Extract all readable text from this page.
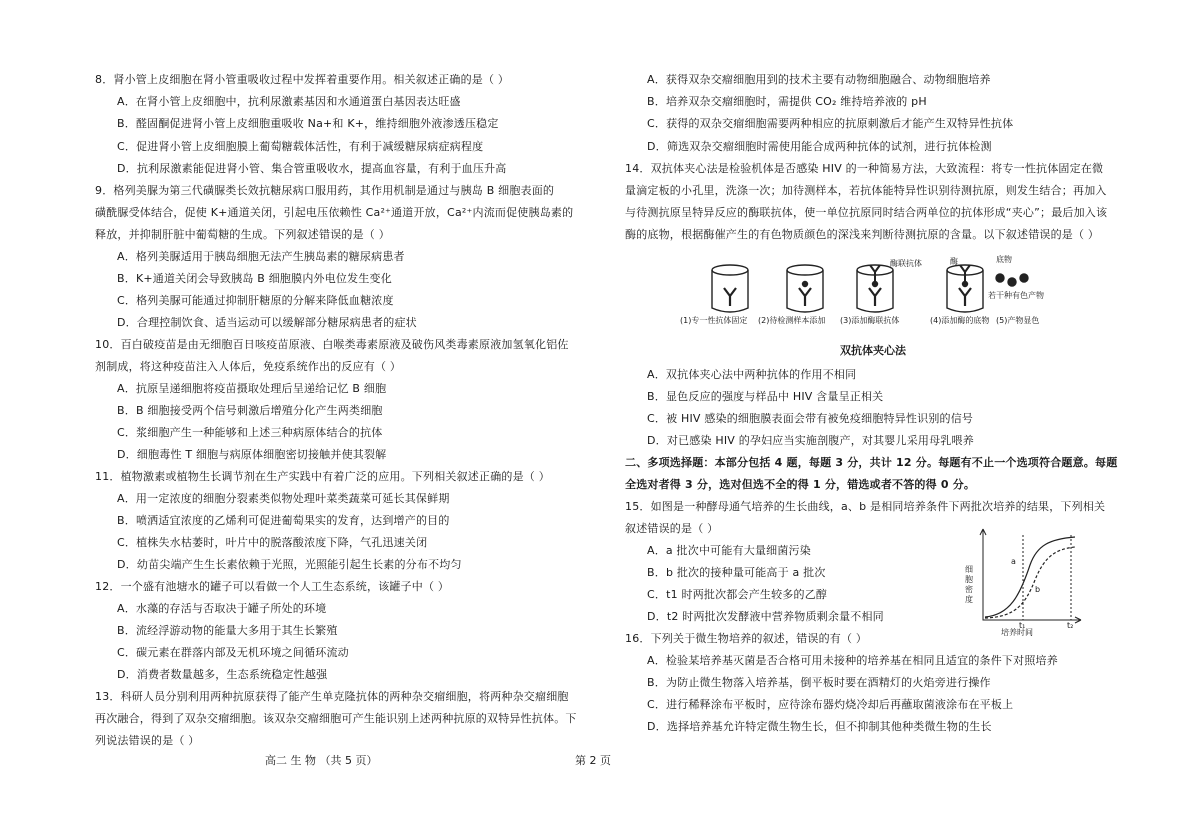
8．肾小管上皮细胞在肾小管重吸收过程中发挥着重要作用。相关叙述正确的是（ ）
A．在肾小管上皮细胞中，抗利尿激素基因和水通道蛋白基因表达旺盛
B．醛固酮促进肾小管上皮细胞重吸收 Na+和 K+，维持细胞外液渗透压稳定
C．促进肾小管上皮细胞膜上葡萄糖载体活性，有利于减缓糖尿病症病程度
D．抗利尿激素能促进肾小管、集合管重吸收水，提高血容量，有利于血压升高
9．格列美脲为第三代磺脲类长效抗糖尿病口服用药，其作用机制是通过与胰岛 B 细胞表面的
磺酰脲受体结合，促使 K+通道关闭，引起电压依赖性 Ca²⁺通道开放，Ca²⁺内流而促使胰岛素的
释放，并抑制肝脏中葡萄糖的生成。下列叙述错误的是（ ）
A．格列美脲适用于胰岛细胞无法产生胰岛素的糖尿病患者
B．K+通道关闭会导致胰岛 B 细胞膜内外电位发生变化
C．格列美脲可能通过抑制肝糖原的分解来降低血糖浓度
D．合理控制饮食、适当运动可以缓解部分糖尿病患者的症状
10．百白破疫苗是由无细胞百日咳疫苗原液、白喉类毒素原液及破伤风类毒素原液加氢氧化铝佐
剂制成，将这种疫苗注入人体后，免疫系统作出的反应有（ ）
A．抗原呈递细胞将疫苗摄取处理后呈递给记忆 B 细胞
B．B 细胞接受两个信号刺激后增殖分化产生两类细胞
C．浆细胞产生一种能够和上述三种病原体结合的抗体
D．细胞毒性 T 细胞与病原体细胞密切接触并使其裂解
11．植物激素或植物生长调节剂在生产实践中有着广泛的应用。下列相关叙述正确的是（ ）
A．用一定浓度的细胞分裂素类似物处理叶菜类蔬菜可延长其保鲜期
B．喷洒适宜浓度的乙烯利可促进葡萄果实的发育，达到增产的目的
C．植株失水枯萎时，叶片中的脱落酸浓度下降，气孔迅速关闭
D．幼苗尖端产生生长素依赖于光照，光照能引起生长素的分布不均匀
12．一个盛有池塘水的罐子可以看做一个人工生态系统，该罐子中（ ）
A．水藻的存活与否取决于罐子所处的环境
B．流经浮游动物的能量大多用于其生长繁殖
C．碳元素在群落内部及无机环境之间循环流动
D．消费者数量越多，生态系统稳定性越强
13．科研人员分别利用两种抗原获得了能产生单克隆抗体的两种杂交瘤细胞，将两种杂交瘤细胞
再次融合，得到了双杂交瘤细胞。该双杂交瘤细胞可产生能识别上述两种抗原的双特异性抗体。下
列说法错误的是（ ）
高二 生 物 （共 5 页）
A．获得双杂交瘤细胞用到的技术主要有动物细胞融合、动物细胞培养
B．培养双杂交瘤细胞时，需提供 CO₂ 维持培养液的 pH
C．获得的双杂交瘤细胞需要两种相应的抗原刺激后才能产生双特异性抗体
D．筛选双杂交瘤细胞时需使用能合成两种抗体的试剂，进行抗体检测
14．双抗体夹心法是检验机体是否感染 HIV 的一种简易方法，大致流程：将专一性抗体固定在微
量滴定板的小孔里，洗涤一次；加待测样本，若抗体能特异性识别待测抗原，则发生结合；再加入
与待测抗原呈特异反应的酶联抗体，使一单位抗原同时结合两单位的抗体形成“夹心”；最后加入该
酶的底物，根据酶催产生的有色物质颜色的深浅来判断待测抗原的含量。以下叙述错误的是（ ）
A．双抗体夹心法中两种抗体的作用不相同
B．显色反应的强度与样品中 HIV 含量呈正相关
C．被 HIV 感染的细胞膜表面会带有被免疫细胞特异性识别的信号
D．对已感染 HIV 的孕妇应当实施剖腹产，对其婴儿采用母乳喂养
二、多项选择题：本部分包括 4 题，每题 3 分，共计 12 分。每题有不止一个选项符合题意。每题
全选对者得 3 分，选对但选不全的得 1 分，错选或者不答的得 0 分。
15．如图是一种酵母通气培养的生长曲线，a、b 是相同培养条件下两批次培养的结果，下列相关
叙述错误的是（ ）
A．a 批次中可能有大量细菌污染
B．b 批次的接种量可能高于 a 批次
C．t1 时两批次都会产生较多的乙醇
D．t2 时两批次发酵液中营养物质剩余量不相同
16．下列关于微生物培养的叙述，错误的有（ ）
A．检验某培养基灭菌是否合格可用未接种的培养基在相同且适宜的条件下对照培养
B．为防止微生物落入培养基，倒平板时要在酒精灯的火焰旁进行操作
C．进行稀释涂布平板时，应待涂布器灼烧冷却后再蘸取菌液涂布在平板上
D．选择培养基允许特定微生物生长，但不抑制其他种类微生物的生长
第 2 页
酶联抗体	酶	底物
若干种有色产物
(1)专一性抗体固定 (2)待检测样本添加 (3)添加酶联抗体	(4)添加酶的底物 (5)产物显色
双抗体夹心法
细胞密度
培养时间
a
b
t₁	t₂
